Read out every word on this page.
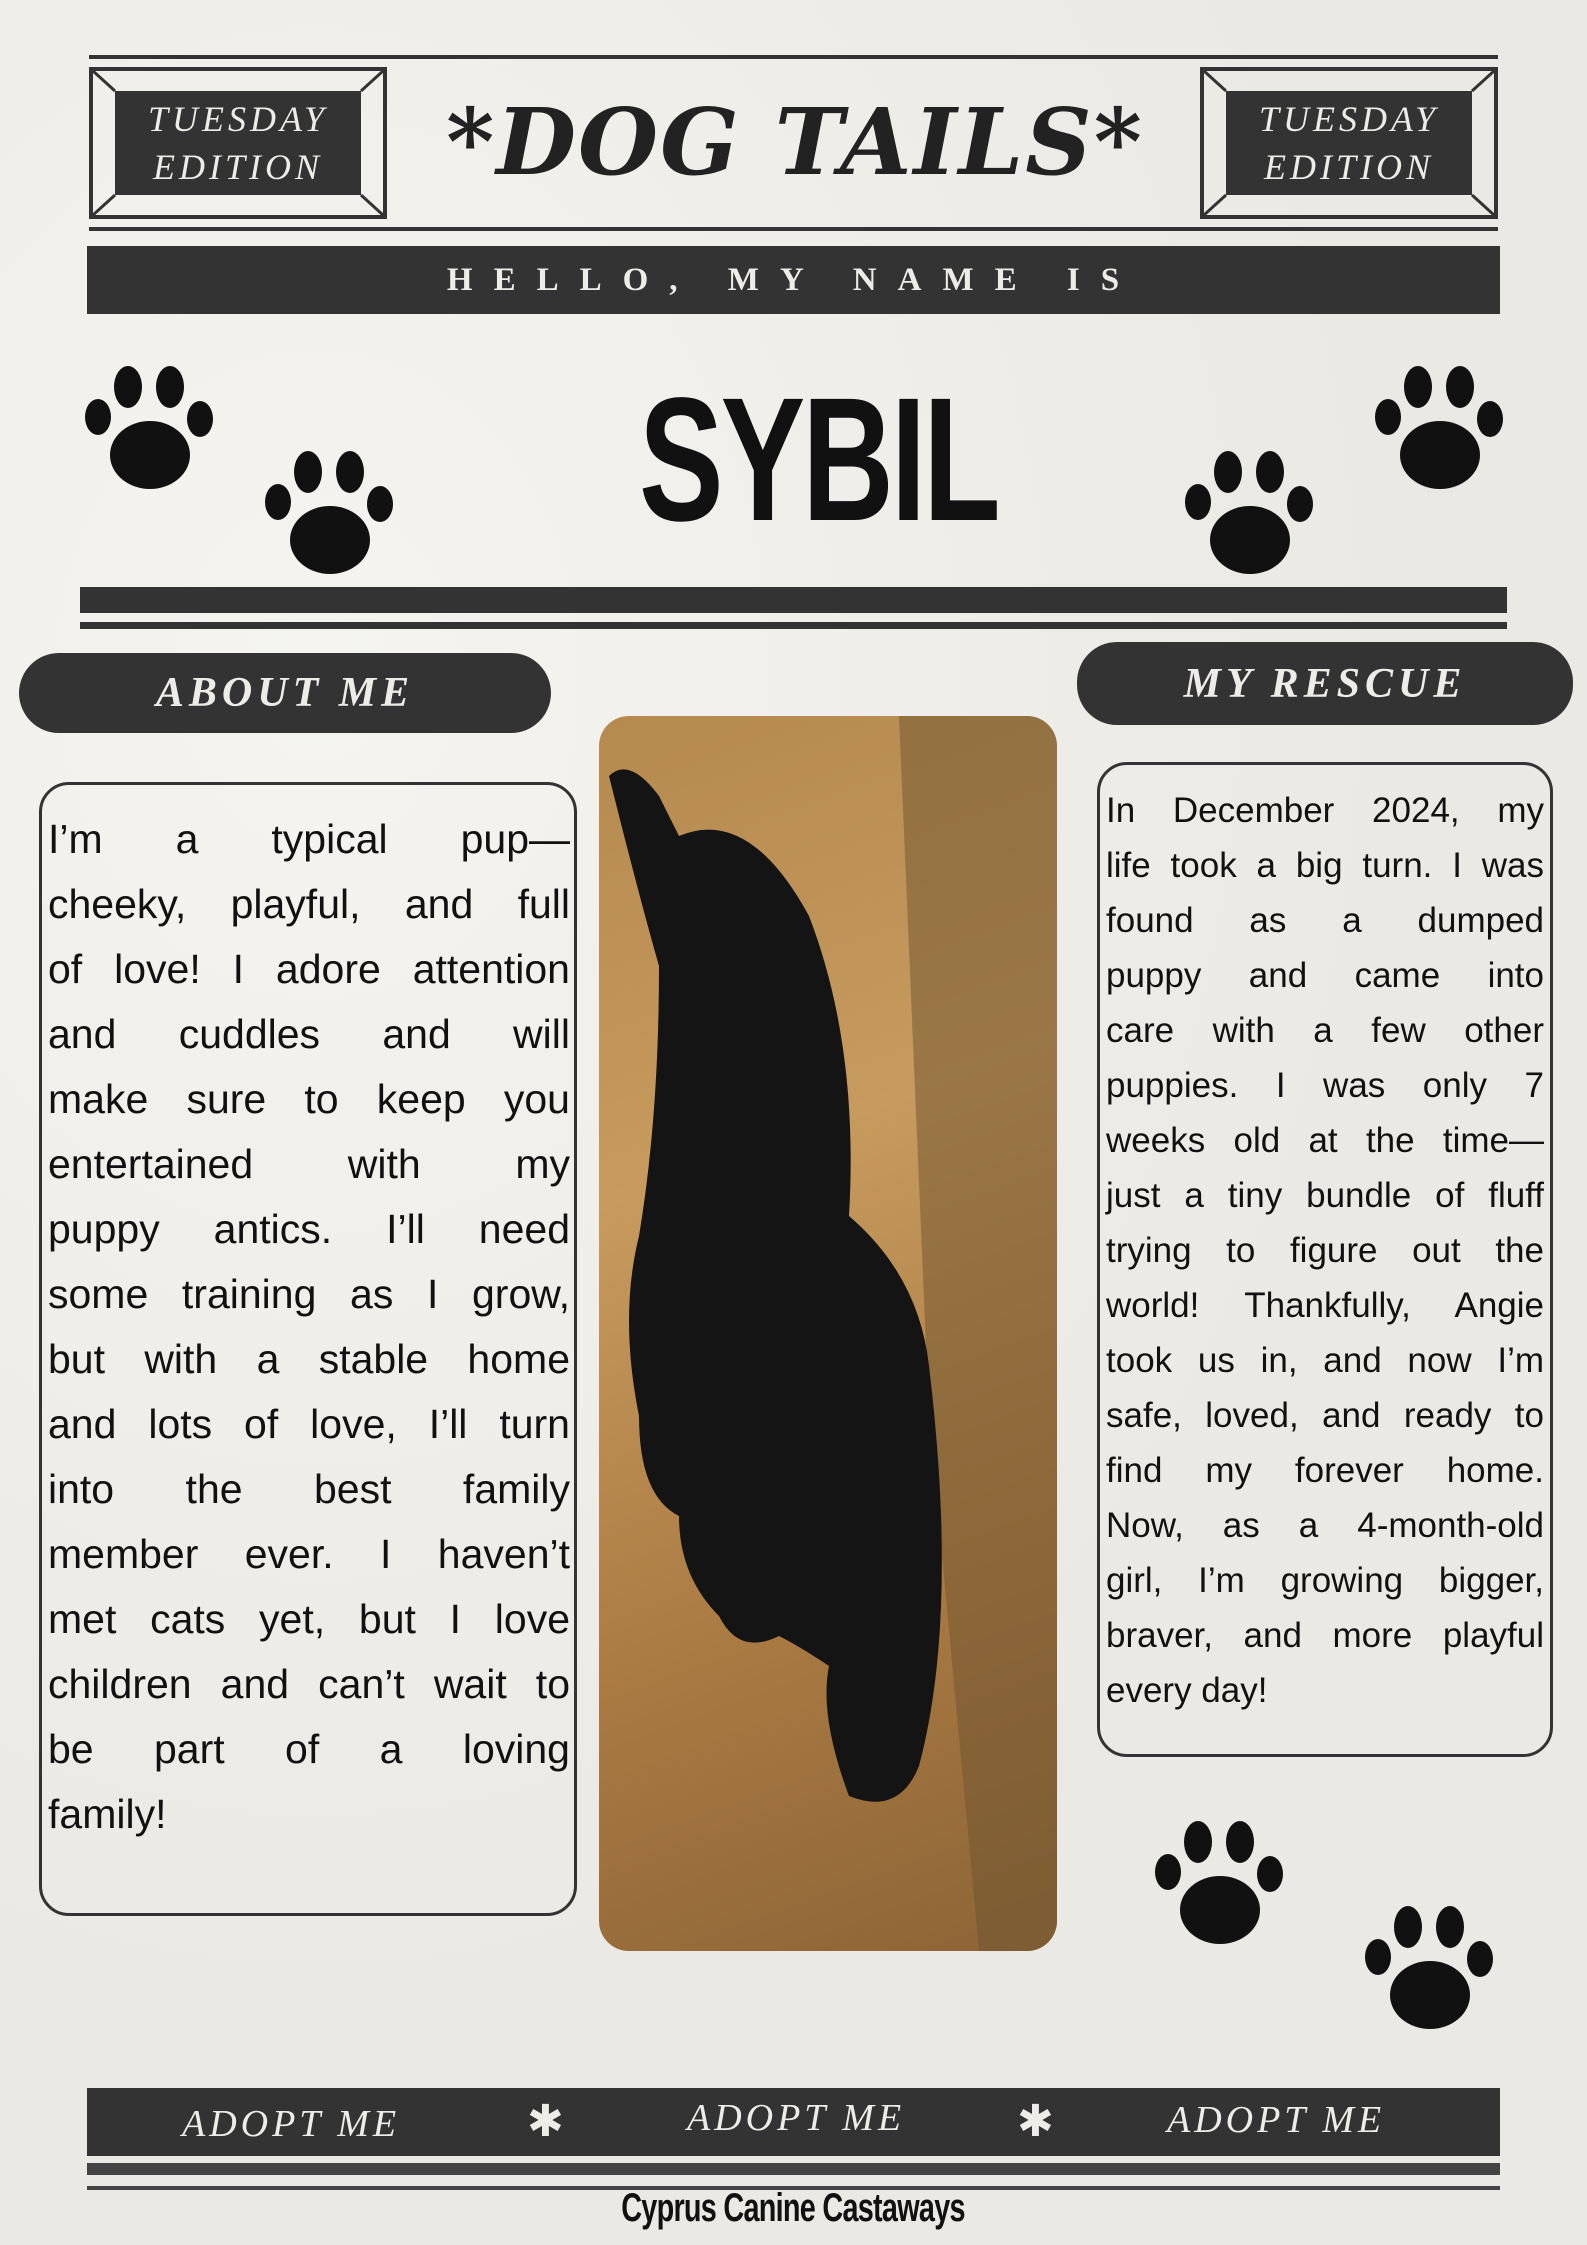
TUESDAY
EDITION
TUESDAY
EDITION
*DOG TAILS*
HELLO, MY NAME IS
SYBIL
ABOUT ME	MY RESCUE
I’m a typical pup—
cheeky, playful, and full
of love! I adore attention
and cuddles and will
make sure to keep you
entertained with my
puppy antics. I’ll need
some training as I grow,
but with a stable home
and lots of love, I’ll turn
into the best family
member ever. I haven’t
met cats yet, but I love
children and can’t wait to
be part of a loving
family!
In December 2024, my
life took a big turn. I was
found as a dumped
puppy and came into
care with a few other
puppies. I was only 7
weeks old at the time—
just a tiny bundle of fluff
trying to figure out the
world! Thankfully, Angie
took us in, and now I’m
safe, loved, and ready to
find my forever home.
Now, as a 4-month-old
girl, I’m growing bigger,
braver, and more playful
every day!
ADOPT ME	✱	ADOPT ME	✱	ADOPT ME
Cyprus Canine Castaways
